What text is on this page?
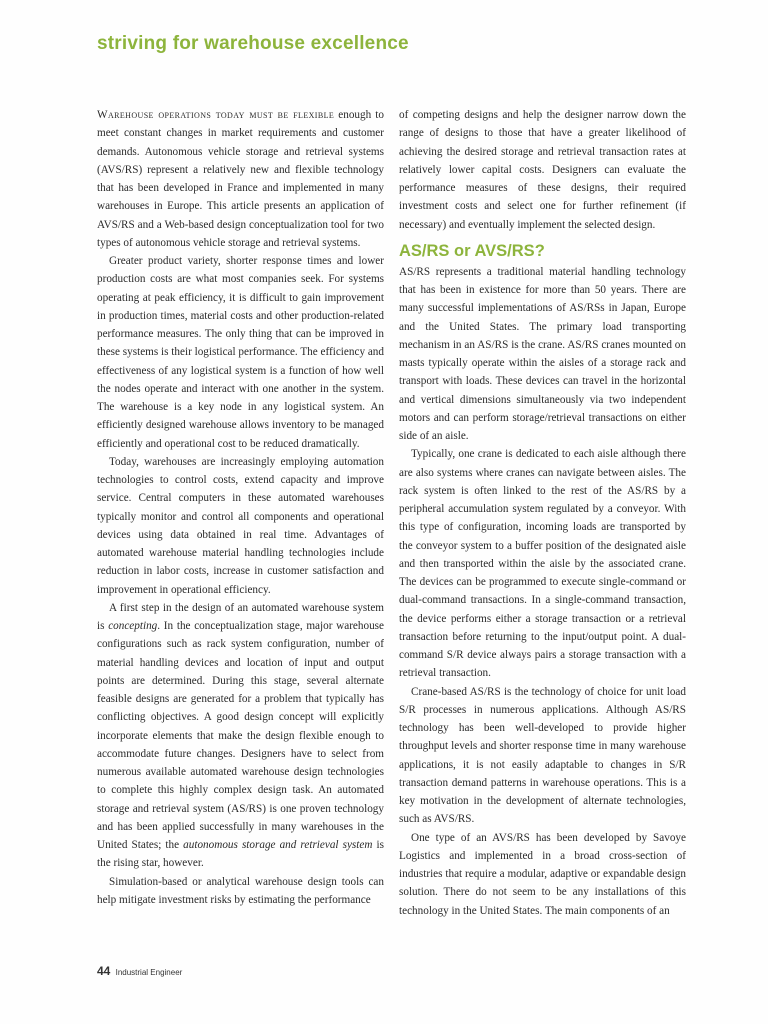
striving for warehouse excellence

Warehouse operations today must be flexible enough to meet constant changes in market requirements and customer demands. Autonomous vehicle storage and retrieval systems (AVS/RS) represent a relatively new and flexible technology that has been developed in France and implemented in many warehouses in Europe. This article presents an application of AVS/RS and a Web-based design conceptualization tool for two types of autonomous vehicle storage and retrieval systems.

Greater product variety, shorter response times and lower production costs are what most companies seek. For systems operating at peak efficiency, it is difficult to gain improvement in production times, material costs and other production-related performance measures. The only thing that can be improved in these systems is their logistical performance. The efficiency and effectiveness of any logistical system is a function of how well the nodes operate and interact with one another in the system. The warehouse is a key node in any logistical system. An efficiently designed warehouse allows inventory to be managed efficiently and operational cost to be reduced dramatically.

Today, warehouses are increasingly employing automation technologies to control costs, extend capacity and improve service. Central computers in these automated warehouses typically monitor and control all components and operational devices using data obtained in real time. Advantages of automated warehouse material handling technologies include reduction in labor costs, increase in customer satisfaction and improvement in operational efficiency.

A first step in the design of an automated warehouse system is concepting. In the conceptualization stage, major warehouse configurations such as rack system configuration, number of material handling devices and location of input and output points are determined. During this stage, several alternate feasible designs are generated for a problem that typically has conflicting objectives. A good design concept will explicitly incorporate elements that make the design flexible enough to accommodate future changes. Designers have to select from numerous available automated warehouse design technologies to complete this highly complex design task. An automated storage and retrieval system (AS/RS) is one proven technology and has been applied successfully in many warehouses in the United States; the autonomous storage and retrieval system is the rising star, however.

Simulation-based or analytical warehouse design tools can help mitigate investment risks by estimating the performance

of competing designs and help the designer narrow down the range of designs to those that have a greater likelihood of achieving the desired storage and retrieval transaction rates at relatively lower capital costs. Designers can evaluate the performance measures of these designs, their required investment costs and select one for further refinement (if necessary) and eventually implement the selected design.

AS/RS or AVS/RS?

AS/RS represents a traditional material handling technology that has been in existence for more than 50 years. There are many successful implementations of AS/RSs in Japan, Europe and the United States. The primary load transporting mechanism in an AS/RS is the crane. AS/RS cranes mounted on masts typically operate within the aisles of a storage rack and transport with loads. These devices can travel in the horizontal and vertical dimensions simultaneously via two independent motors and can perform storage/retrieval transactions on either side of an aisle.

Typically, one crane is dedicated to each aisle although there are also systems where cranes can navigate between aisles. The rack system is often linked to the rest of the AS/RS by a peripheral accumulation system regulated by a conveyor. With this type of configuration, incoming loads are transported by the conveyor system to a buffer position of the designated aisle and then transported within the aisle by the associated crane. The devices can be programmed to execute single-command or dual-command transactions. In a single-command transaction, the device performs either a storage transaction or a retrieval transaction before returning to the input/output point. A dual-command S/R device always pairs a storage transaction with a retrieval transaction.

Crane-based AS/RS is the technology of choice for unit load S/R processes in numerous applications. Although AS/RS technology has been well-developed to provide higher throughput levels and shorter response time in many warehouse applications, it is not easily adaptable to changes in S/R transaction demand patterns in warehouse operations. This is a key motivation in the development of alternate technologies, such as AVS/RS.

One type of an AVS/RS has been developed by Savoye Logistics and implemented in a broad cross-section of industries that require a modular, adaptive or expandable design solution. There do not seem to be any installations of this technology in the United States. The main components of an

44 Industrial Engineer
